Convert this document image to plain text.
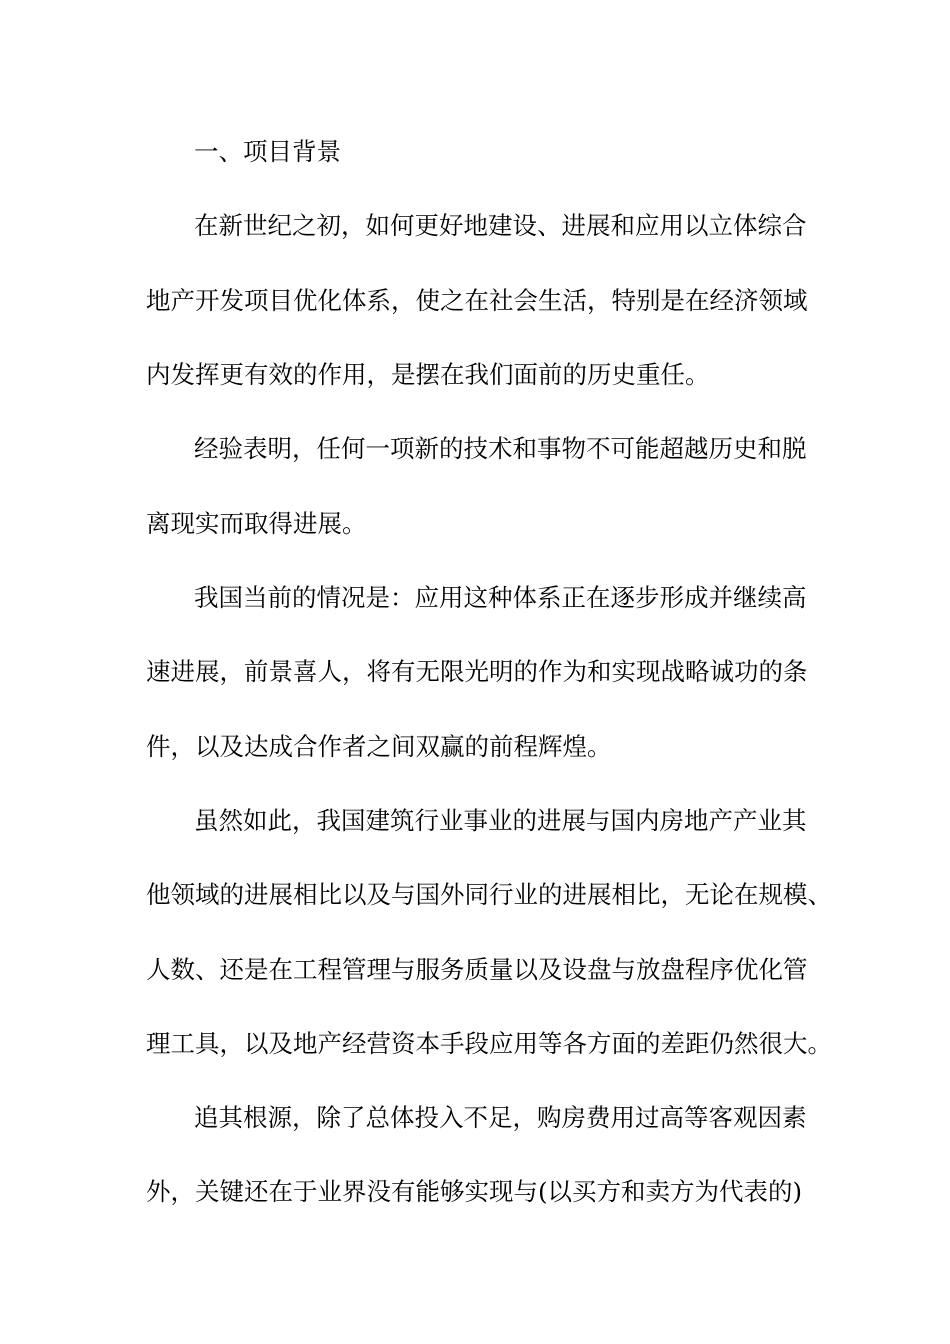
一、项目背景
在新世纪之初，如何更好地建设、进展和应用以立体综合
地产开发项目优化体系，使之在社会生活，特别是在经济领域
内发挥更有效的作用，是摆在我们面前的历史重任。
经验表明，任何一项新的技术和事物不可能超越历史和脱
离现实而取得进展。
我国当前的情况是：应用这种体系正在逐步形成并继续高
速进展，前景喜人，将有无限光明的作为和实现战略诚功的条
件，以及达成合作者之间双赢的前程辉煌。
虽然如此，我国建筑行业事业的进展与国内房地产产业其
他领域的进展相比以及与国外同行业的进展相比，无论在规模、
人数、还是在工程管理与服务质量以及设盘与放盘程序优化管
理工具，以及地产经营资本手段应用等各方面的差距仍然很大。
追其根源，除了总体投入不足，购房费用过高等客观因素
外，关键还在于业界没有能够实现与(以买方和卖方为代表的)
